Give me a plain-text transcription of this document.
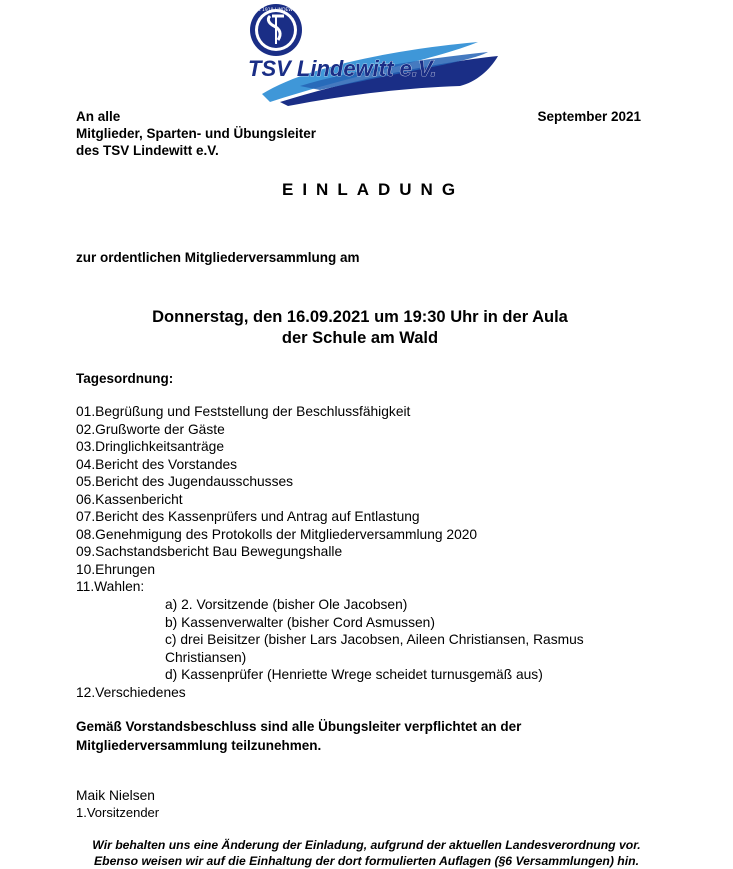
seit 1919 LINDEWITT
TSV Lindewitt e.V.
An alle
Mitglieder, Sparten- und Übungsleiter
des TSV Lindewitt e.V.
September 2021
EINLADUNG
zur ordentlichen Mitgliederversammlung am
Donnerstag, den 16.09.2021 um 19:30 Uhr in der Aula
der Schule am Wald
Tagesordnung:
01.Begrüßung und Feststellung der Beschlussfähigkeit
02.Grußworte der Gäste
03.Dringlichkeitsanträge
04.Bericht des Vorstandes
05.Bericht des Jugendausschusses
06.Kassenbericht
07.Bericht des Kassenprüfers und Antrag auf Entlastung
08.Genehmigung des Protokolls der Mitgliederversammlung 2020
09.Sachstandsbericht Bau Bewegungshalle
10.Ehrungen
11.Wahlen:
a) 2. Vorsitzende (bisher Ole Jacobsen)
b) Kassenverwalter (bisher Cord Asmussen)
c) drei Beisitzer (bisher Lars Jacobsen, Aileen Christiansen, Rasmus
Christiansen)
d) Kassenprüfer (Henriette Wrege scheidet turnusgemäß aus)
12.Verschiedenes
Gemäß Vorstandsbeschluss sind alle Übungsleiter verpflichtet an der
Mitgliederversammlung teilzunehmen.
Maik Nielsen
1.Vorsitzender
Wir behalten uns eine Änderung der Einladung, aufgrund der aktuellen Landesverordnung vor.
Ebenso weisen wir auf die Einhaltung der dort formulierten Auflagen (§6 Versammlungen) hin.
